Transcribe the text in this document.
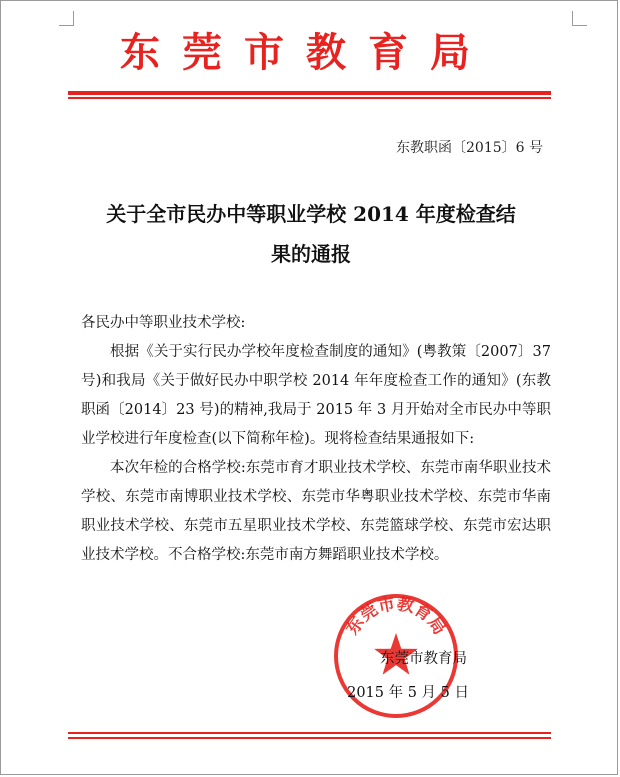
东莞市教育局
东教职函〔2015〕6 号
关于全市民办中等职业学校 2014 年度检查结
果的通报

各民办中等职业技术学校:

根据《关于实行民办学校年度检查制度的通知》(粤教策〔2007〕37 号)和我局《关于做好民办中职学校 2014 年年度检查工作的通知》(东教职函〔2014〕23 号)的精神,我局于 2015 年 3 月开始对全市民办中等职业学校进行年度检查(以下简称年检)。现将检查结果通报如下:

本次年检的合格学校:东莞市育才职业技术学校、东莞市南华职业技术学校、东莞市南博职业技术学校、东莞市华粤职业技术学校、东莞市华南职业技术学校、东莞市五星职业技术学校、东莞篮球学校、东莞市宏达职业技术学校。不合格学校:东莞市南方舞蹈职业技术学校。

东莞市教育局
东莞市教育局
2015 年 5 月 5 日
